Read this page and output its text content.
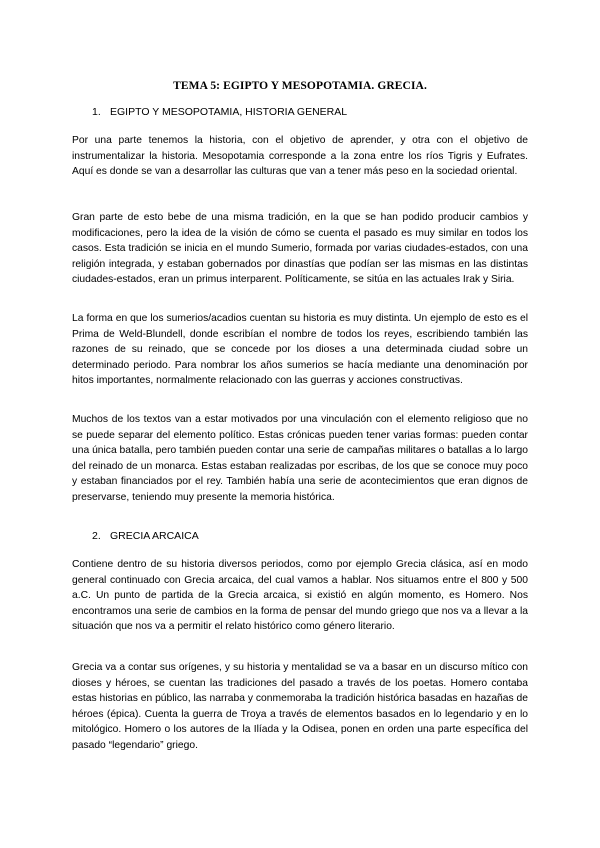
TEMA 5: EGIPTO Y MESOPOTAMIA. GRECIA.

1. EGIPTO Y MESOPOTAMIA, HISTORIA GENERAL

Por una parte tenemos la historia, con el objetivo de aprender, y otra con el objetivo de instrumentalizar la historia. Mesopotamia corresponde a la zona entre los ríos Tigris y Eufrates. Aquí es donde se van a desarrollar las culturas que van a tener más peso en la sociedad oriental.

Gran parte de esto bebe de una misma tradición, en la que se han podido producir cambios y modificaciones, pero la idea de la visión de cómo se cuenta el pasado es muy similar en todos los casos. Esta tradición se inicia en el mundo Sumerio, formada por varias ciudades-estados, con una religión integrada, y estaban gobernados por dinastías que podían ser las mismas en las distintas ciudades-estados, eran un primus interparent. Políticamente, se sitúa en las actuales Irak y Siria.

La forma en que los sumerios/acadios cuentan su historia es muy distinta. Un ejemplo de esto es el Prima de Weld-Blundell, donde escribían el nombre de todos los reyes, escribiendo también las razones de su reinado, que se concede por los dioses a una determinada ciudad sobre un determinado periodo. Para nombrar los años sumerios se hacía mediante una denominación por hitos importantes, normalmente relacionado con las guerras y acciones constructivas.

Muchos de los textos van a estar motivados por una vinculación con el elemento religioso que no se puede separar del elemento político. Estas crónicas pueden tener varias formas: pueden contar una única batalla, pero también pueden contar una serie de campañas militares o batallas a lo largo del reinado de un monarca. Estas estaban realizadas por escribas, de los que se conoce muy poco y estaban financiados por el rey. También había una serie de acontecimientos que eran dignos de preservarse, teniendo muy presente la memoria histórica.

2. GRECIA ARCAICA

Contiene dentro de su historia diversos periodos, como por ejemplo Grecia clásica, así en modo general continuado con Grecia arcaica, del cual vamos a hablar. Nos situamos entre el 800 y 500 a.C. Un punto de partida de la Grecia arcaica, si existió en algún momento, es Homero. Nos encontramos una serie de cambios en la forma de pensar del mundo griego que nos va a llevar a la situación que nos va a permitir el relato histórico como género literario.

Grecia va a contar sus orígenes, y su historia y mentalidad se va a basar en un discurso mítico con dioses y héroes, se cuentan las tradiciones del pasado a través de los poetas. Homero contaba estas historias en público, las narraba y conmemoraba la tradición histórica basadas en hazañas de héroes (épica). Cuenta la guerra de Troya a través de elementos basados en lo legendario y en lo mitológico. Homero o los autores de la Ilíada y la Odisea, ponen en orden una parte específica del pasado “legendario” griego.
